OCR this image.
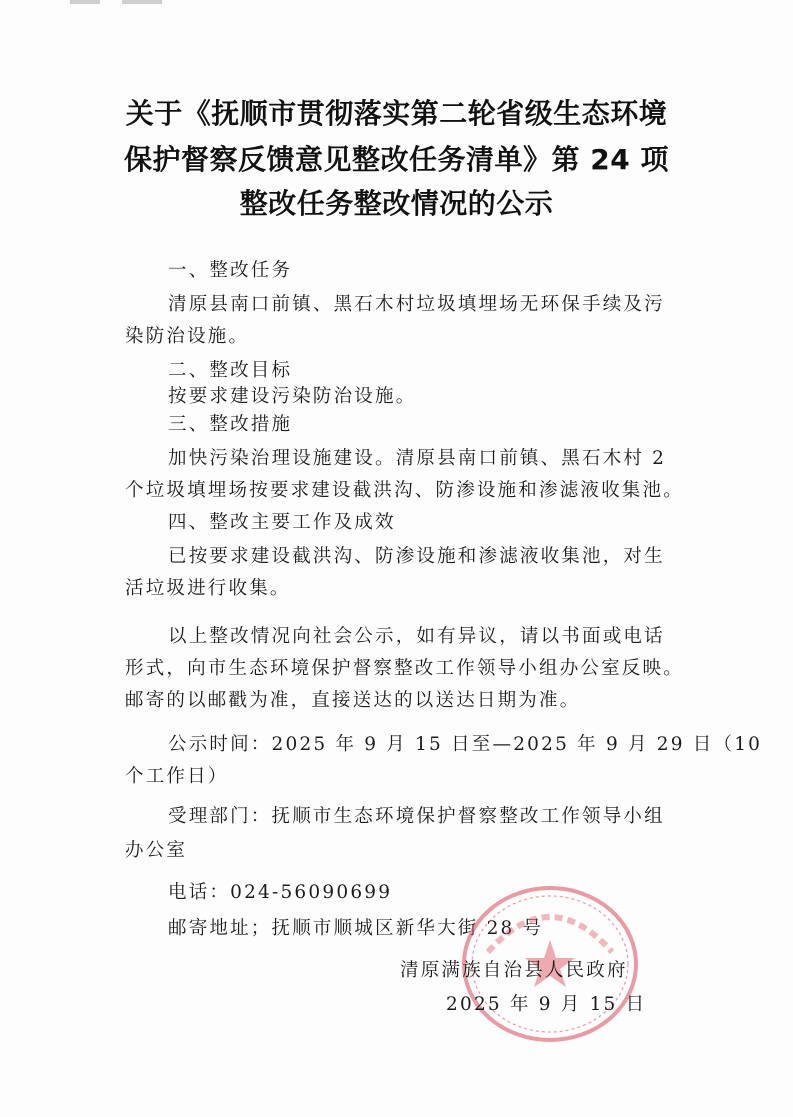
关于《抚顺市贯彻落实第二轮省级生态环境
保护督察反馈意见整改任务清单》第 24 项
整改任务整改情况的公示
一、整改任务
清原县南口前镇、黑石木村垃圾填埋场无环保手续及污
染防治设施。
二、整改目标
按要求建设污染防治设施。
三、整改措施
加快污染治理设施建设。清原县南口前镇、黑石木村 2
个垃圾填埋场按要求建设截洪沟、防渗设施和渗滤液收集池。
四、整改主要工作及成效
已按要求建设截洪沟、防渗设施和渗滤液收集池，对生
活垃圾进行收集。
以上整改情况向社会公示，如有异议，请以书面或电话
形式，向市生态环境保护督察整改工作领导小组办公室反映。
邮寄的以邮戳为准，直接送达的以送达日期为准。
公示时间：2025 年 9 月 15 日至—2025 年 9 月 29 日（10
个工作日）
受理部门：抚顺市生态环境保护督察整改工作领导小组
办公室
电话：024-56090699
邮寄地址；抚顺市顺城区新华大街 28 号
清原满族自治县人民政府
2025 年 9 月 15 日
